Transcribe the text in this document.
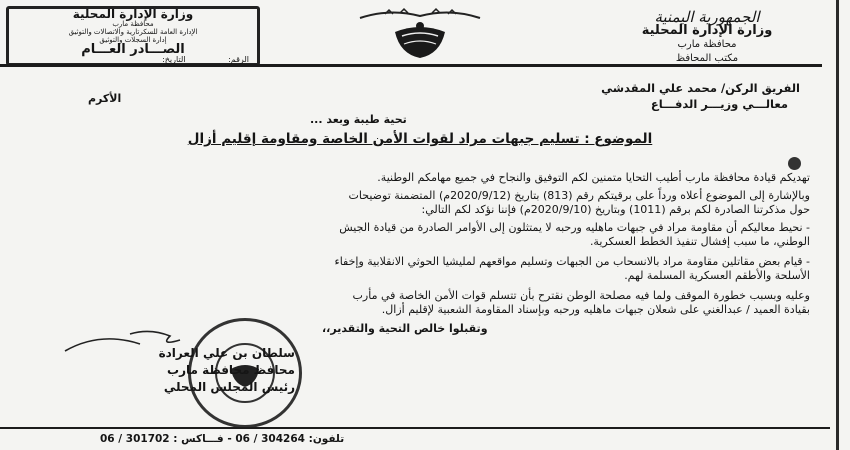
الجمهورية اليمنية
وزارة الإدارة المحلية
محافظة مارب
مكتب المحافظ
وزارة الإدارة المحلية
محافظة مارب
الإدارة العامة للسكرتارية والاتصالات والتوثيق
إدارة السجلات والتوثيق
الصـــادر العـــام
الرقم: التاريخ:
الفريق الركن/ محمد علي المقدشي
معالـــي وزيـــر الدفـــاع
الأكرم
تحية طيبة وبعد ...
الموضوع : تسليم جبهات مراد لقوات الأمن الخاصة ومقاومة إقليم أزال
تهديكم قيادة محافظة مارب أطيب التحايا متمنين لكم التوفيق والنجاح في جميع مهامكم الوطنية.
وبالإشارة إلى الموضوع أعلاه ورداً على برقيتكم رقم (813) بتاريخ (2020/9/12م) المتضمنة توضيحات
حول مذكرتنا الصادرة لكم برقم (1011) وبتاريخ (2020/9/10م) فإننا نؤكد لكم التالي:
- نحيط معاليكم أن مقاومة مراد في جبهات ماهليه ورحبه لا يمتثلون إلى الأوامر الصادرة من قيادة الجيش
الوطني، ما سبب إفشال تنفيذ الخطط العسكرية.
- قيام بعض مقاتلين مقاومة مراد بالانسحاب من الجبهات وتسليم مواقعهم لمليشيا الحوثي الانقلابية وإخفاء
الأسلحة والأطقم العسكرية المسلمة لهم.
وعليه وبسبب خطورة الموقف ولما فيه مصلحة الوطن نقترح بأن تتسلم قوات الأمن الخاصة في مأرب
بقيادة العميد / عبدالغني على شعلان جبهات ماهليه ورحبه وبإسناد المقاومة الشعبية لإقليم أزال.
وتقبلوا خالص التحية والتقدير،،
سلطان بن علي العرادة
محافظ محافظة مارب
رئيس المجلس المحلي
تلفون: 304264 / 06 - فـــاكس : 301702 / 06
